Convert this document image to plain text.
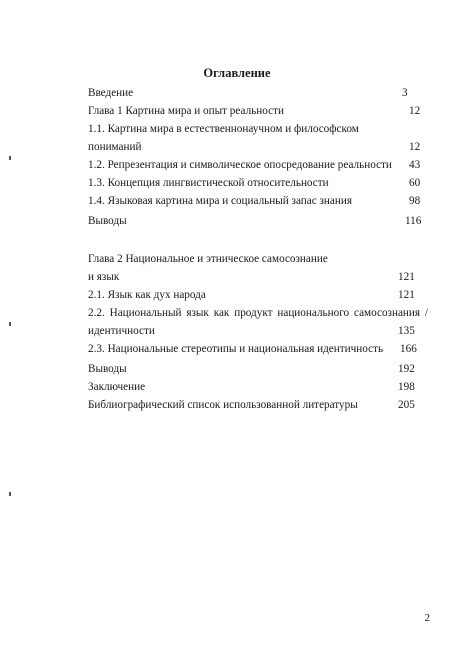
Оглавление
Введение	3
Глава 1 Картина мира и опыт реальности	12
1.1. Картина мира в естественнонаучном и философском
пониманий	12
1.2. Репрезентация и символическое опосредование реальности 43
1.3. Концепция лингвистической относительности	60
1.4. Языковая картина мира и социальный запас знания	98
Выводы	116
Глава 2 Национальное и этническое самосознание
и язык	121
2.1. Язык как дух народа	121
2.2. Национальный язык как продукт национального самосознания /
идентичности	135
2.3. Национальные стереотипы и национальная идентичность 166
Выводы	192
Заключение	198
Библиографический список использованной литературы	205
2
